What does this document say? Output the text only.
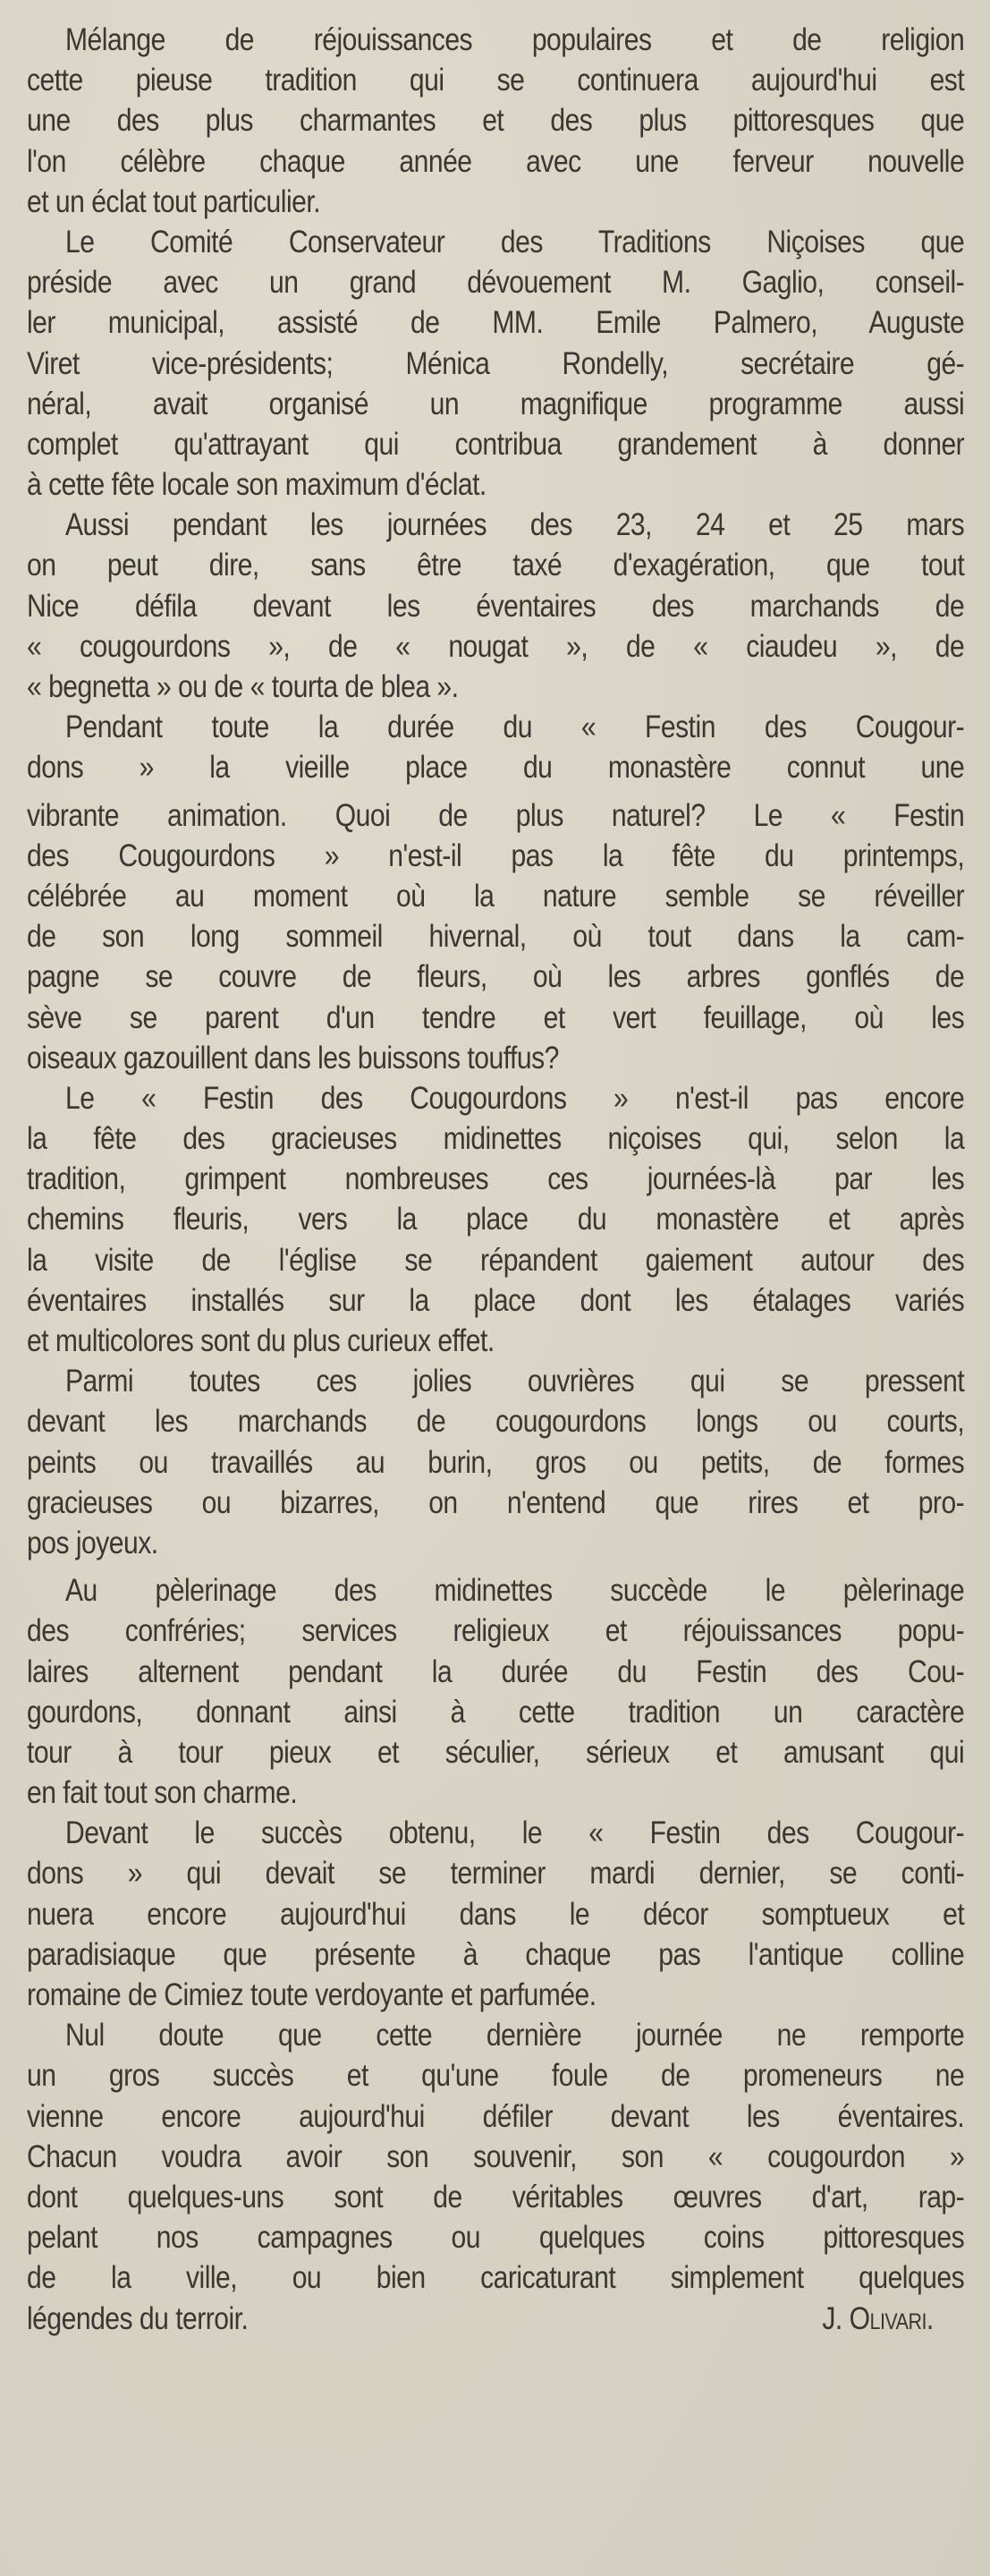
Mélange de réjouissances populaires et de religion
cette pieuse tradition qui se continuera aujourd'hui est
une des plus charmantes et des plus pittoresques que
l'on célèbre chaque année avec une ferveur nouvelle
et un éclat tout particulier.
Le Comité Conservateur des Traditions Niçoises que
préside avec un grand dévouement M. Gaglio, conseil-
ler municipal, assisté de MM. Emile Palmero, Auguste
Viret vice-présidents; Ménica Rondelly, secrétaire gé-
néral, avait organisé un magnifique programme aussi
complet qu'attrayant qui contribua grandement à donner
à cette fête locale son maximum d'éclat.
Aussi pendant les journées des 23, 24 et 25 mars
on peut dire, sans être taxé d'exagération, que tout
Nice défila devant les éventaires des marchands de
« cougourdons », de « nougat », de « ciaudeu », de
« begnetta » ou de « tourta de blea ».
Pendant toute la durée du « Festin des Cougour-
dons » la vieille place du monastère connut une
vibrante animation. Quoi de plus naturel? Le « Festin
des Cougourdons » n'est-il pas la fête du printemps,
célébrée au moment où la nature semble se réveiller
de son long sommeil hivernal, où tout dans la cam-
pagne se couvre de fleurs, où les arbres gonflés de
sève se parent d'un tendre et vert feuillage, où les
oiseaux gazouillent dans les buissons touffus?
Le « Festin des Cougourdons » n'est-il pas encore
la fête des gracieuses midinettes niçoises qui, selon la
tradition, grimpent nombreuses ces journées-là par les
chemins fleuris, vers la place du monastère et après
la visite de l'église se répandent gaiement autour des
éventaires installés sur la place dont les étalages variés
et multicolores sont du plus curieux effet.
Parmi toutes ces jolies ouvrières qui se pressent
devant les marchands de cougourdons longs ou courts,
peints ou travaillés au burin, gros ou petits, de formes
gracieuses ou bizarres, on n'entend que rires et pro-
pos joyeux.
Au pèlerinage des midinettes succède le pèlerinage
des confréries; services religieux et réjouissances popu-
laires alternent pendant la durée du Festin des Cou-
gourdons, donnant ainsi à cette tradition un caractère
tour à tour pieux et séculier, sérieux et amusant qui
en fait tout son charme.
Devant le succès obtenu, le « Festin des Cougour-
dons » qui devait se terminer mardi dernier, se conti-
nuera encore aujourd'hui dans le décor somptueux et
paradisiaque que présente à chaque pas l'antique colline
romaine de Cimiez toute verdoyante et parfumée.
Nul doute que cette dernière journée ne remporte
un gros succès et qu'une foule de promeneurs ne
vienne encore aujourd'hui défiler devant les éventaires.
Chacun voudra avoir son souvenir, son « cougourdon »
dont quelques-uns sont de véritables œuvres d'art, rap-
pelant nos campagnes ou quelques coins pittoresques
de la ville, ou bien caricaturant simplement quelques
légendes du terroir.	J. Olivari.
